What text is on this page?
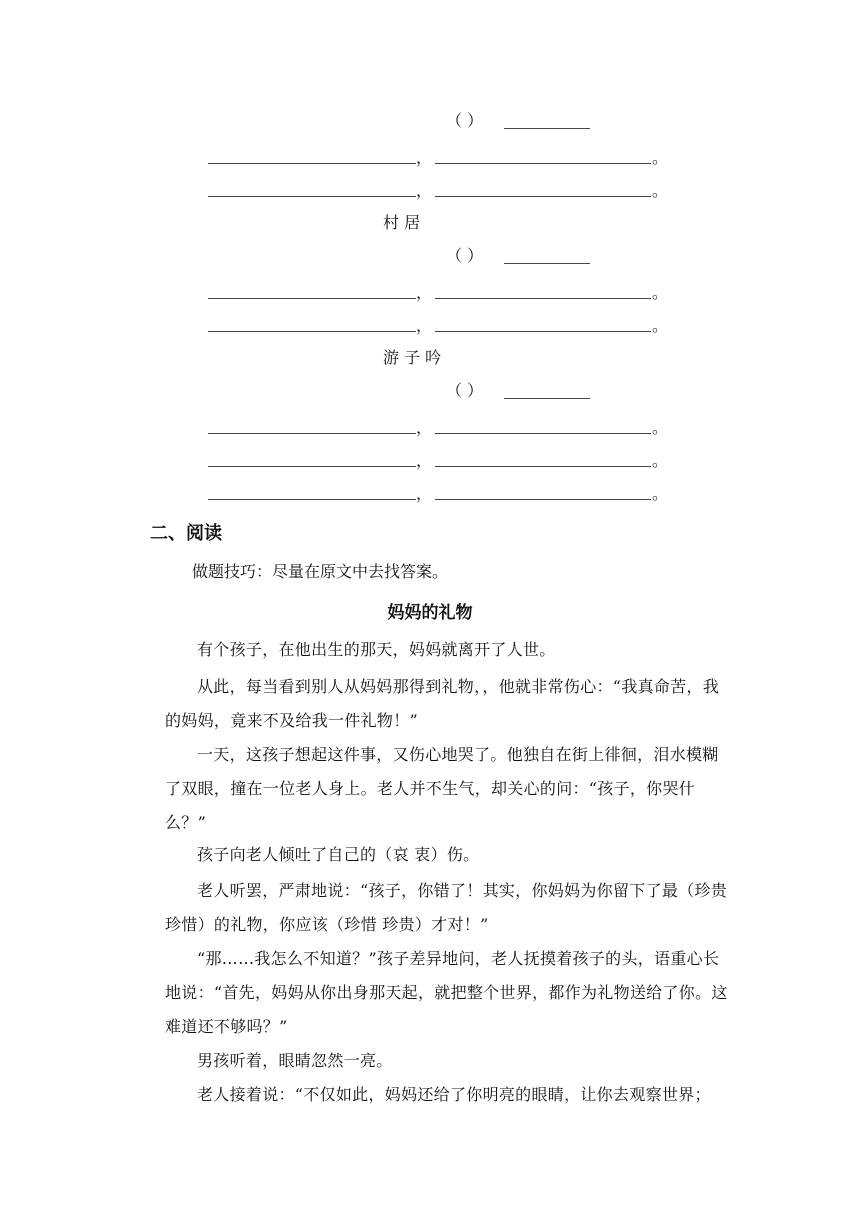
（ ）
，	。
，	。
村 居
（ ）
，	。
，	。
游 子 吟
（ ）
，	。
，	。
，	。
二、阅读
做题技巧：尽量在原文中去找答案。
妈妈的礼物
有个孩子，在他出生的那天，妈妈就离开了人世。
从此，每当看到别人从妈妈那得到礼物，，他就非常伤心：“我真命苦，我的妈妈，竟来不及给我一件礼物！”
一天，这孩子想起这件事，又伤心地哭了。他独自在街上徘徊，泪水模糊了双眼，撞在一位老人身上。老人并不生气，却关心的问：“孩子，你哭什么？”
孩子向老人倾吐了自己的（哀 衷）伤。
老人听罢，严肃地说：“孩子，你错了！其实，你妈妈为你留下了最（珍贵 珍惜）的礼物，你应该（珍惜 珍贵）才对！”
“那……我怎么不知道？”孩子差异地问，老人抚摸着孩子的头，语重心长地说：“首先，妈妈从你出身那天起，就把整个世界，都作为礼物送给了你。这难道还不够吗？”
男孩听着，眼睛忽然一亮。
老人接着说：“不仅如此，妈妈还给了你明亮的眼睛，让你去观察世界；
